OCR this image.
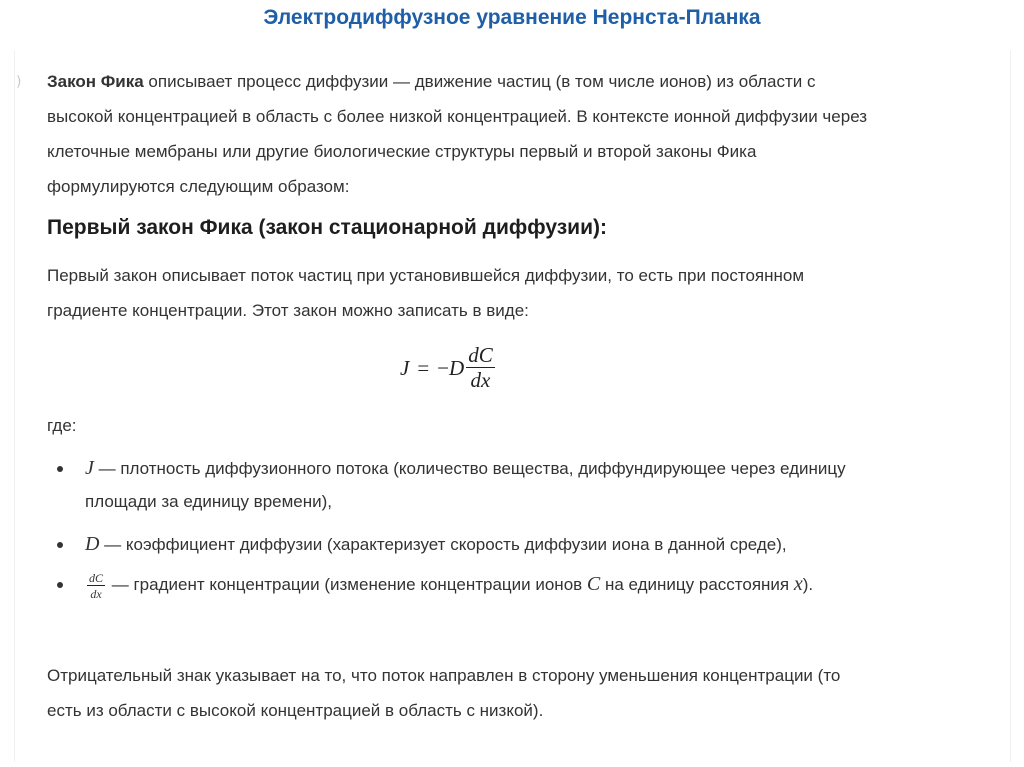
Электродиффузное уравнение Нернста-Планка
) Закон Фика описывает процесс диффузии — движение частиц (в том числе ионов) из области с высокой концентрацией в область с более низкой концентрацией. В контексте ионной диффузии через клеточные мембраны или другие биологические структуры первый и второй законы Фика формулируются следующим образом:

Первый закон Фика (закон стационарной диффузии):

Первый закон описывает поток частиц при установившейся диффузии, то есть при постоянном градиенте концентрации. Этот закон можно записать в виде:

J = − D $\frac{dC}{dx}$

где:

J — плотность диффузионного потока (количество вещества, диффундирующее через единицу площади за единицу времени),
D — коэффициент диффузии (характеризует скорость диффузии иона в данной среде),
$\frac{dC}{dx}$ — градиент концентрации (изменение концентрации ионов C на единицу расстояния x).

Отрицательный знак указывает на то, что поток направлен в сторону уменьшения концентрации (то есть из области с высокой концентрацией в область с низкой).
